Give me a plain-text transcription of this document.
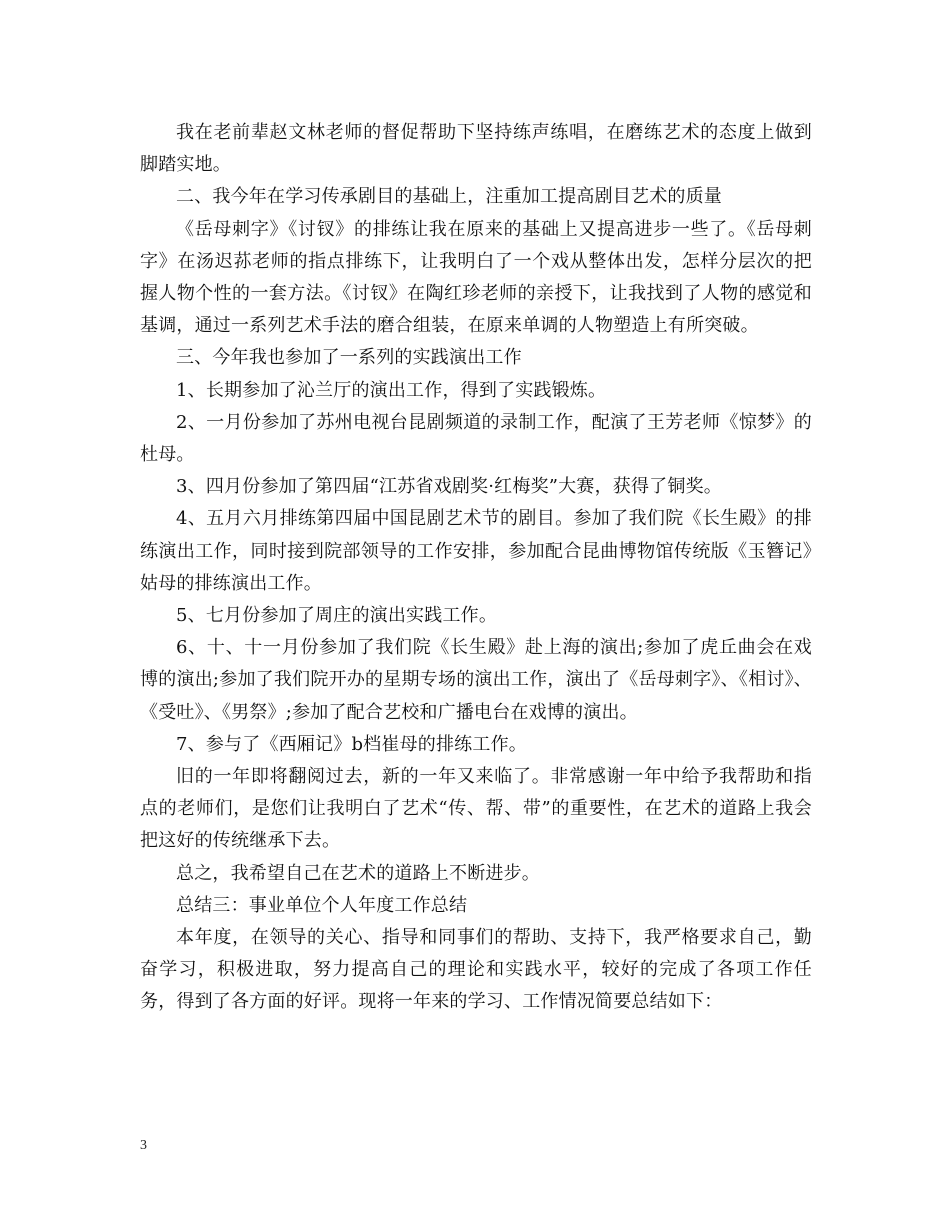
我在老前辈赵文林老师的督促帮助下坚持练声练唱，在磨练艺术的态度上做到脚踏实地。

二、我今年在学习传承剧目的基础上，注重加工提高剧目艺术的质量

《岳母刺字》《讨钗》的排练让我在原来的基础上又提高进步一些了。《岳母刺字》在汤迟荪老师的指点排练下，让我明白了一个戏从整体出发，怎样分层次的把握人物个性的一套方法。《讨钗》在陶红珍老师的亲授下，让我找到了人物的感觉和基调，通过一系列艺术手法的磨合组装，在原来单调的人物塑造上有所突破。

三、今年我也参加了一系列的实践演出工作

1、长期参加了沁兰厅的演出工作，得到了实践锻炼。

2、一月份参加了苏州电视台昆剧频道的录制工作，配演了王芳老师《惊梦》的杜母。

3、四月份参加了第四届“江苏省戏剧奖·红梅奖”大赛，获得了铜奖。

4、五月六月排练第四届中国昆剧艺术节的剧目。参加了我们院《长生殿》的排练演出工作，同时接到院部领导的工作安排，参加配合昆曲博物馆传统版《玉簪记》姑母的排练演出工作。

5、七月份参加了周庄的演出实践工作。

6、十、十一月份参加了我们院《长生殿》赴上海的演出;参加了虎丘曲会在戏博的演出;参加了我们院开办的星期专场的演出工作，演出了《岳母刺字》、《相讨》、《受吐》、《男祭》;参加了配合艺校和广播电台在戏博的演出。

7、参与了《西厢记》b档崔母的排练工作。

旧的一年即将翻阅过去，新的一年又来临了。非常感谢一年中给予我帮助和指点的老师们，是您们让我明白了艺术“传、帮、带”的重要性，在艺术的道路上我会把这好的传统继承下去。

总之，我希望自己在艺术的道路上不断进步。

总结三：事业单位个人年度工作总结

本年度，在领导的关心、指导和同事们的帮助、支持下，我严格要求自己，勤奋学习，积极进取，努力提高自己的理论和实践水平，较好的完成了各项工作任务，得到了各方面的好评。现将一年来的学习、工作情况简要总结如下：

3
